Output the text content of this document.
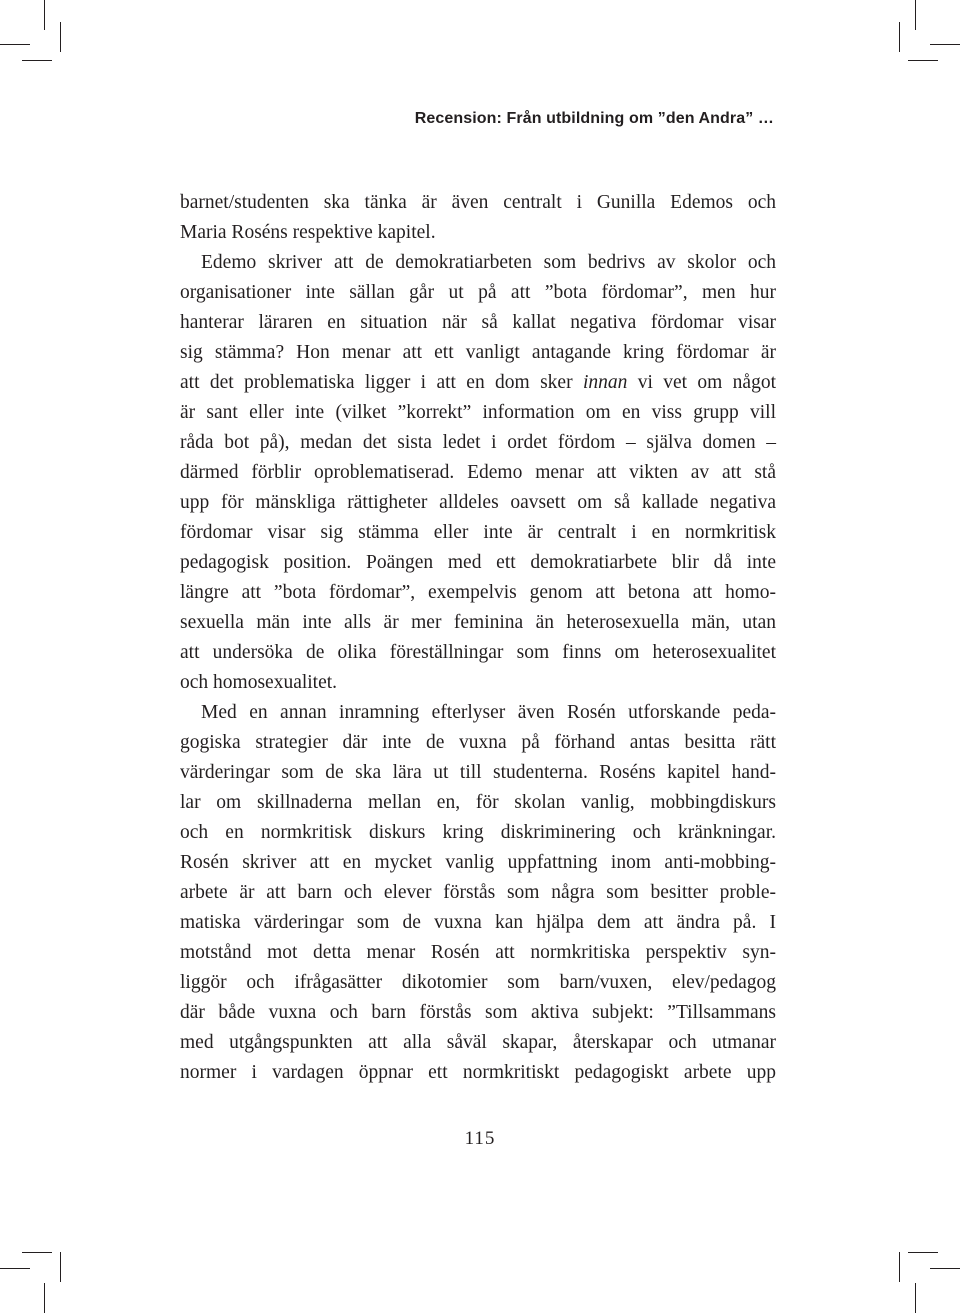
Recension: Från utbildning om ”den Andra” …
barnet/studenten ska tänka är även centralt i Gunilla Edemos och
Maria Roséns respektive kapitel.
Edemo skriver att de demokratiarbeten som bedrivs av skolor och
organisationer inte sällan går ut på att ”bota fördomar”, men hur
hanterar läraren en situation när så kallat negativa fördomar visar
sig stämma? Hon menar att ett vanligt antagande kring fördomar är
att det problematiska ligger i att en dom sker innan vi vet om något
är sant eller inte (vilket ”korrekt” information om en viss grupp vill
råda bot på), medan det sista ledet i ordet fördom – själva domen –
därmed förblir oproblematiserad. Edemo menar att vikten av att stå
upp för mänskliga rättigheter alldeles oavsett om så kallade negativa
fördomar visar sig stämma eller inte är centralt i en normkritisk
pedagogisk position. Poängen med ett demokratiarbete blir då inte
längre att ”bota fördomar”, exempelvis genom att betona att homo-
sexuella män inte alls är mer feminina än heterosexuella män, utan
att undersöka de olika föreställningar som finns om heterosexualitet
och homosexualitet.
Med en annan inramning efterlyser även Rosén utforskande peda-
gogiska strategier där inte de vuxna på förhand antas besitta rätt
värderingar som de ska lära ut till studenterna. Roséns kapitel hand-
lar om skillnaderna mellan en, för skolan vanlig, mobbingdiskurs
och en normkritisk diskurs kring diskriminering och kränkningar.
Rosén skriver att en mycket vanlig uppfattning inom anti-mobbing-
arbete är att barn och elever förstås som några som besitter proble-
matiska värderingar som de vuxna kan hjälpa dem att ändra på. I
motstånd mot detta menar Rosén att normkritiska perspektiv syn-
liggör och ifrågasätter dikotomier som barn/vuxen, elev/pedagog
där både vuxna och barn förstås som aktiva subjekt: ”Tillsammans
med utgångspunkten att alla såväl skapar, återskapar och utmanar
normer i vardagen öppnar ett normkritiskt pedagogiskt arbete upp
115
